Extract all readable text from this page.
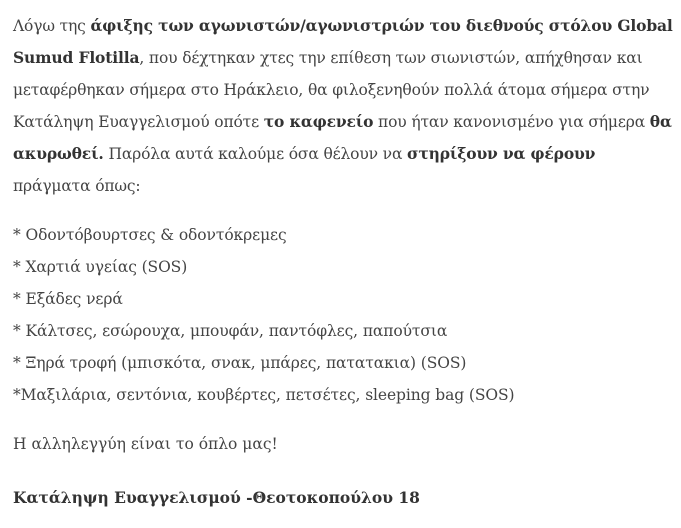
Λόγω της άφιξης των αγωνιστών/αγωνιστριών του διεθνούς στόλου Global Sumud Flotilla, που δέχτηκαν χτες την επίθεση των σιωνιστών, απήχθησαν και μεταφέρθηκαν σήμερα στο Ηράκλειο, θα φιλοξενηθούν πολλά άτομα σήμερα στην Κατάληψη Ευαγγελισμού οπότε το καφενείο που ήταν κανονισμένο για σήμερα θα ακυρωθεί. Παρόλα αυτά καλούμε όσα θέλουν να στηρίξουν να φέρουν πράγματα όπως:

* Οδοντόβουρτσες & οδοντόκρεμες
* Χαρτιά υγείας (SOS)
* Εξάδες νερά
* Κάλτσες, εσώρουχα, μπουφάν, παντόφλες, παπούτσια
* Ξηρά τροφή (μπισκότα, σνακ, μπάρες, πατατακια) (SOS)
*Μαξιλάρια, σεντόνια, κουβέρτες, πετσέτες, sleeping bag (SOS)

Η αλληλεγγύη είναι το όπλο μας!

Κατάληψη Ευαγγελισμού -Θεοτοκοπούλου 18
